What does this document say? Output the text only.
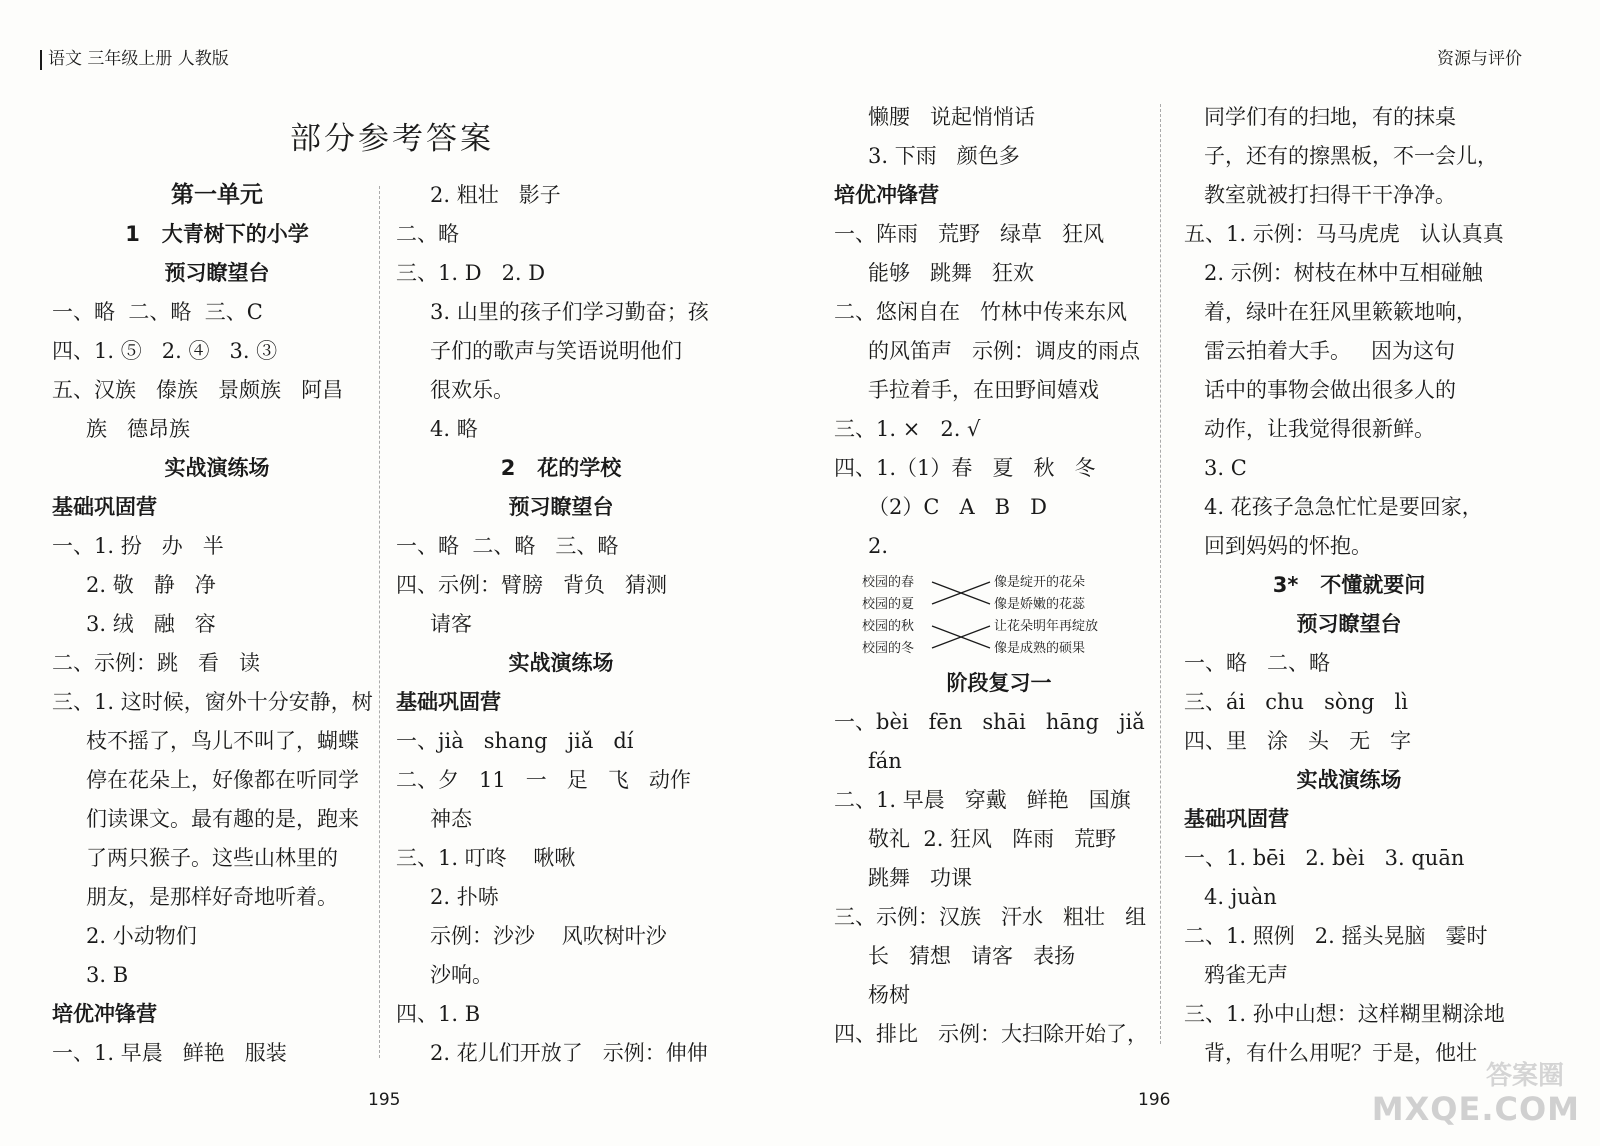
语文 三年级上册 人教版	资源与评价
部分参考答案
第一单元
1   大青树下的小学
预习瞭望台
一、略  二、略  三、C
四、1. ⑤   2. ④   3. ③
五、汉族   傣族   景颇族   阿昌
族   德昂族
实战演练场
基础巩固营
一、1. 扮   办   半
2. 敬   静   净
3. 绒   融   容
二、示例：跳   看   读
三、1. 这时候，窗外十分安静，树
枝不摇了，鸟儿不叫了，蝴蝶
停在花朵上，好像都在听同学
们读课文。最有趣的是，跑来
了两只猴子。这些山林里的
朋友，是那样好奇地听着。
2. 小动物们
3. B
培优冲锋营
一、1. 早晨   鲜艳   服装
2. 粗壮   影子
二、略
三、1. D   2. D
3. 山里的孩子们学习勤奋；孩
子们的歌声与笑语说明他们
很欢乐。
4. 略
2   花的学校
预习瞭望台
一、略  二、略   三、略
四、示例：臂膀   背负   猜测
请客
实战演练场
基础巩固营
一、jià   shang   jiǎ   dí
二、夕   11   一   足   飞   动作
神态
三、1. 叮咚    啾啾
2. 扑哧
示例：沙沙    风吹树叶沙
沙响。
四、1. B
2. 花儿们开放了   示例：伸伸
懒腰   说起悄悄话
3. 下雨   颜色多
培优冲锋营
一、阵雨   荒野   绿草   狂风
能够   跳舞   狂欢
二、悠闲自在   竹林中传来东风
的风笛声   示例：调皮的雨点
手拉着手，在田野间嬉戏
三、1. ×   2. √
四、1.（1）春   夏   秋   冬
（2）C   A   B   D
2.
校园的春
校园的夏
校园的秋
校园的冬
像是绽开的花朵
像是娇嫩的花蕊
让花朵明年再绽放
像是成熟的硕果
阶段复习一
一、bèi   fēn   shāi   hāng   jiǎ
fán
二、1. 早晨   穿戴   鲜艳   国旗
敬礼  2. 狂风   阵雨   荒野
跳舞   功课
三、示例：汉族   汗水   粗壮   组
长   猜想   请客   表扬
杨树
四、排比   示例：大扫除开始了，
同学们有的扫地，有的抹桌
子，还有的擦黑板，不一会儿，
教室就被打扫得干干净净。
五、1. 示例：马马虎虎   认认真真
2. 示例：树枝在林中互相碰触
着，绿叶在狂风里簌簌地响，
雷云拍着大手。   因为这句
话中的事物会做出很多人的
动作，让我觉得很新鲜。
3. C
4. 花孩子急急忙忙是要回家，
回到妈妈的怀抱。
3*   不懂就要问
预习瞭望台
一、略   二、略
三、ái   chu   sòng   lì
四、里   涂   头   无   字
实战演练场
基础巩固营
一、1. bēi   2. bèi   3. quān
4. juàn
二、1. 照例   2. 摇头晃脑   霎时
鸦雀无声
三、1. 孙中山想：这样糊里糊涂地
背，有什么用呢？于是，他壮
195	196
答案圈
MXQE.COM
